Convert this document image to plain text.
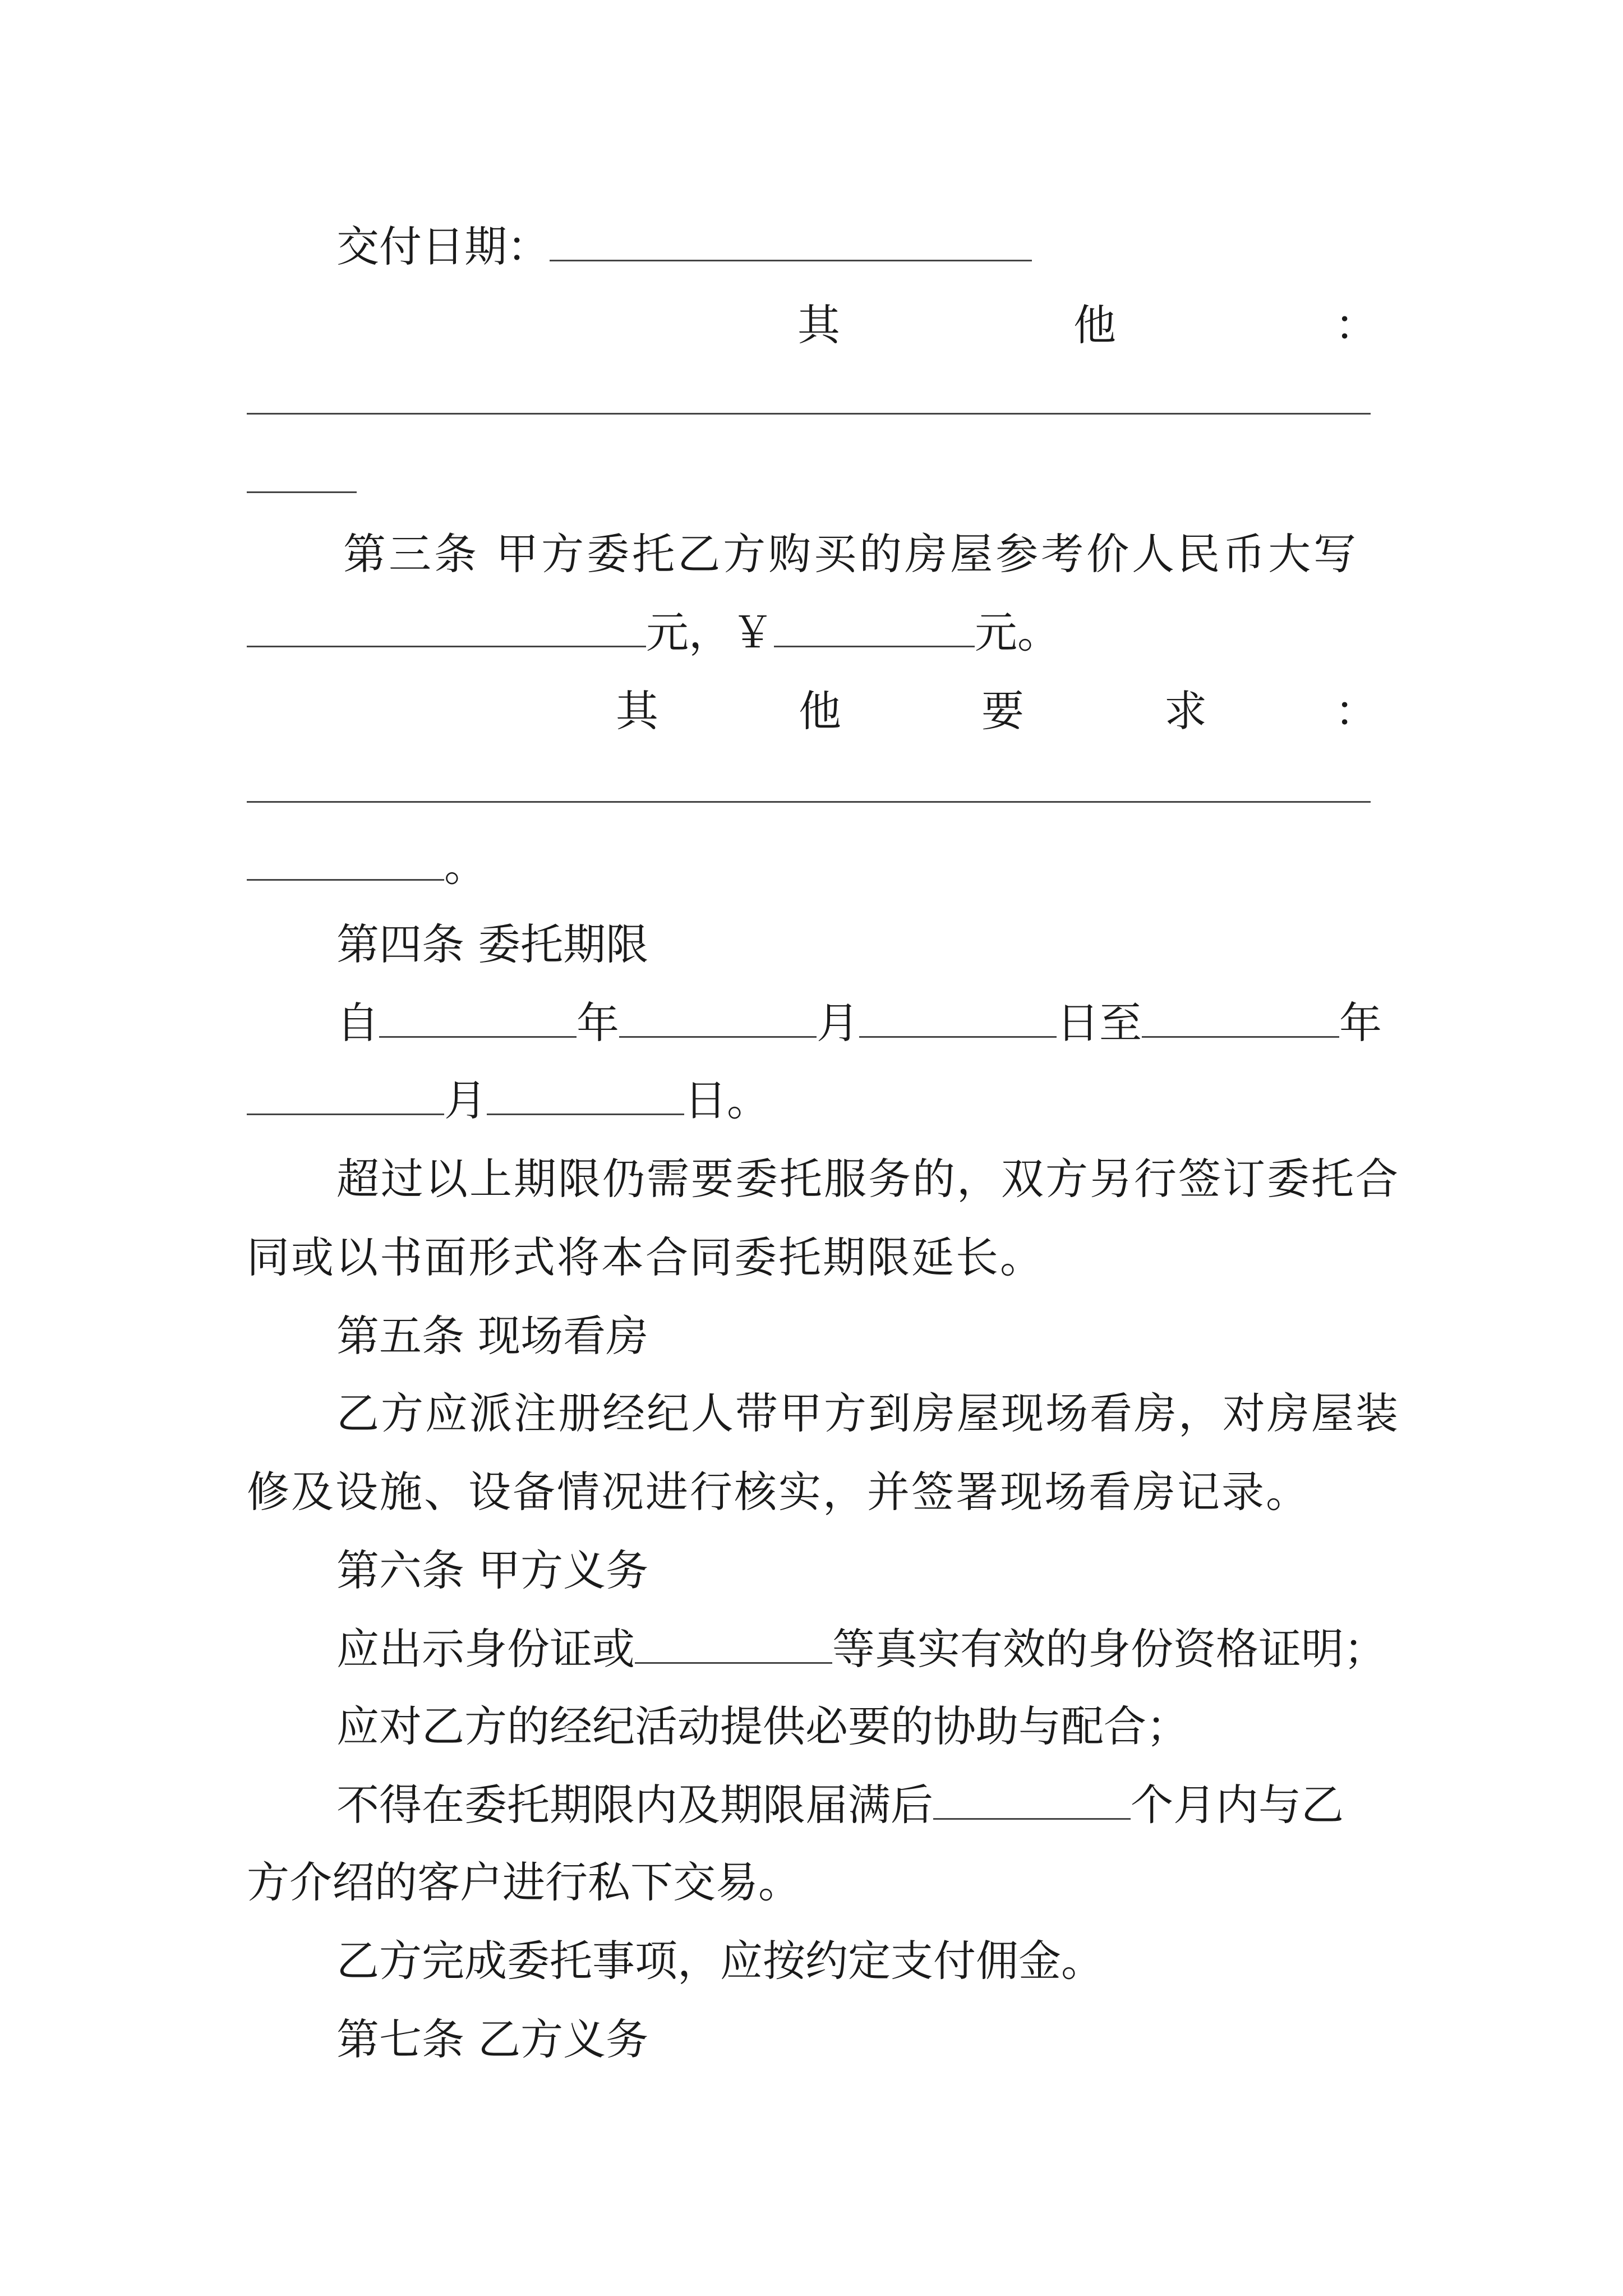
交付日期：
其	他	：
第三条 甲方委托乙方购买的房屋参考价人民币大写
元，￥	元。
其	他	要	求	：
。
第四条 委托期限
自	年	月	日至	年
月	日。
超过以上期限仍需要委托服务的，双方另行签订委托合
同或以书面形式将本合同委托期限延长。
第五条 现场看房
乙方应派注册经纪人带甲方到房屋现场看房，对房屋装
修及设施、设备情况进行核实，并签署现场看房记录。
第六条 甲方义务
应出示身份证或	等真实有效的身份资格证明；
应对乙方的经纪活动提供必要的协助与配合；
不得在委托期限内及期限届满后	个月内与乙
方介绍的客户进行私下交易。
乙方完成委托事项，应按约定支付佣金。
第七条 乙方义务
